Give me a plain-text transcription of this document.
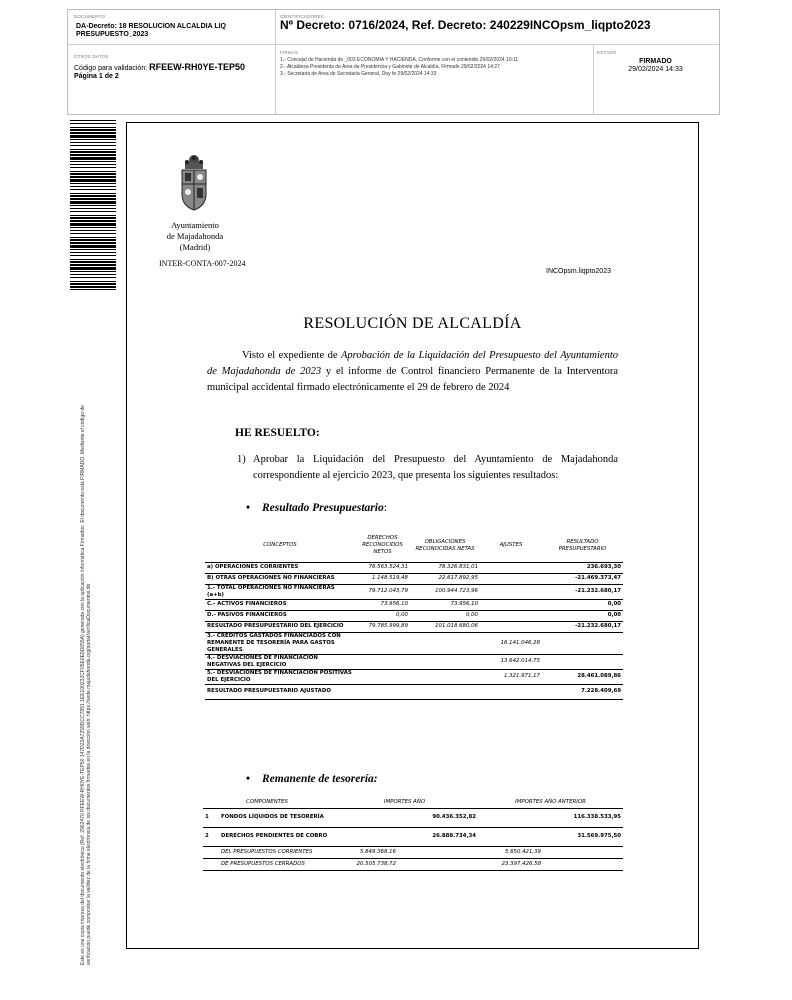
DOCUMENTO
DA-Decreto: 18 RESOLUCION ALCALDIA LIQ PRESUPUESTO_2023
IDENTIFICADORES
Nº Decreto: 0716/2024, Ref. Decreto: 240229INCOpsm_liqpto2023
OTROS DATOS
Código para validación: RFEEW-RH0YE-TEP50
Página 1 de 2
FIRMAS
1.- Concejal de Hacienda de _003 ECONOMIA Y HACIENDA, Conforme con el contenido 29/02/2024 10:11
2.- Alcaldesa Presidenta de Area de Presidencia y Gabinete de Alcaldía, Firmado 29/02/2024 14:27
3.- Secretaria de Area de Secretaria General, Doy fe 29/02/2024 14:33
ESTADO
FIRMADO
29/02/2024 14:33
Este es una copia impresa del documento electrónico (Ref: 2962470 RFEEW-RH0YE-TEP50 147D22A7259DCC7891 1EE100232CF05E0E9D655A) generada con la aplicación informática Firmadoc. El documento está FIRMADO. Mediante el código de verificación puede comprobar la validez de la firma electrónica de los documentos firmados en la dirección web: https://sede.majadahonda.org/portal/verificaDocumentos.do
Ayuntamiento
de Majadahonda
(Madrid)
INTER-CONTA-007-2024
INCOpsm.liqpto2023
RESOLUCIÓN DE ALCALDÍA
Visto el expediente de Aprobación de la Liquidación del Presupuesto del Ayuntamiento de Majadahonda de 2023 y el informe de Control financiero Permanente de la Interventora municipal accidental firmado electrónicamente el 29 de febrero de 2024
HE RESUELTO:
1) Aprobar la Liquidación del Presupuesto del Ayuntamiento de Majadahonda correspondiente al ejercicio 2023, que presenta los siguientes resultados:
• Resultado Presupuestario:
CONCEPTOS	DERECHOS RECONOCIDOS NETOS	OBLIGACIONES RECONOCIDAS NETAS	AJUSTES	RESULTADO PRESUPUESTARIO
a) OPERACIONES CORRIENTES	78.563.524,31	78.326.831,01		236.693,30
B) OTRAS OPERACIONES NO FINANCIERAS	1.148.519,48	22.617.892,95		-21.469.373,47
1.- TOTAL OPERACIONES NO FINANCIERAS (a+b)	79.712.043,79	100.944.723,96		-21.232.680,17
C.- ACTIVOS FINANCIEROS	73.956,10	73.956,10		0,00
D.- PASIVOS FINANCIEROS	0,00	0,00		0,00
RESULTADO PRESUPUESTARIO DEL EJERCICIO	79.785.999,89	101.018.680,06		-21.232.680,17
3.- CRÉDITOS GASTADOS FINANCIADOS CON REMANENTE DE TESORERÍA PARA GASTOS GENERALES			16.141.046,28	
4.- DESVIACIONES DE FINANCIACIÓN NEGATIVAS DEL EJERCICIO			13.642.014,75	
5.- DESVIACIONES DE FINANCIACIÓN POSITIVAS DEL EJERCICIO			1.321.971,17	28.461.089,86
RESULTADO PRESUPUESTARIO AJUSTADO				7.228.409,69
• Remanente de tesorería:
COMPONENTES		IMPORTES AÑO		IMPORTES AÑO ANTERIOR	
1	FONDOS LÍQUIDOS DE TESORERÍA		90.436.352,82		116.338.533,95
2	DERECHOS PENDIENTES DE COBRO		26.888.734,34		31.569.975,50
	DEL PRESUPUESTOS CORRIENTES	5.849.368,16		5.650.421,39	
	DE PRESUPUESTOS CERRADOS	20.505.738,72		23.397.426,58	
